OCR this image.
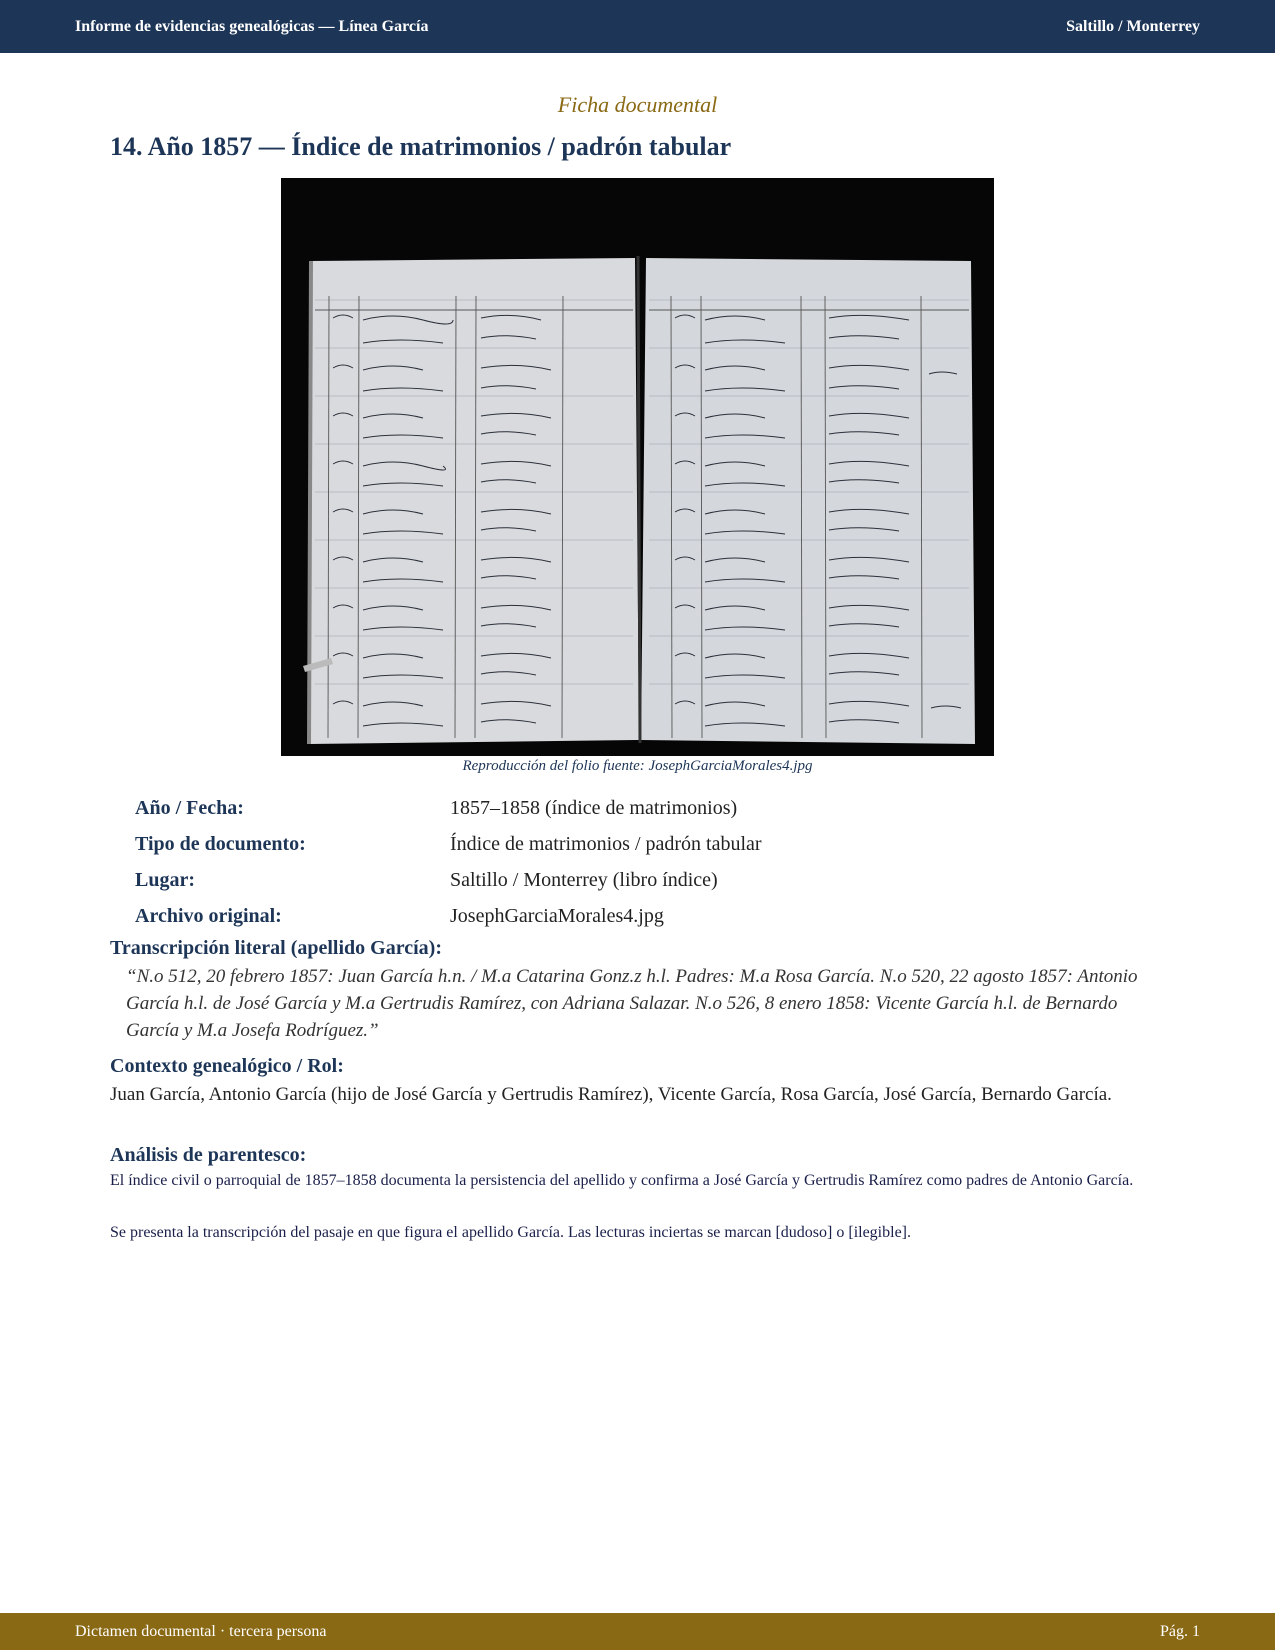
Informe de evidencias genealógicas — Línea García	Saltillo / Monterrey
Ficha documental
14. Año 1857 — Índice de matrimonios / padrón tabular
Reproducción del folio fuente: JosephGarciaMorales4.jpg
Año / Fecha:	1857–1858 (índice de matrimonios)
Tipo de documento:	Índice de matrimonios / padrón tabular
Lugar:	Saltillo / Monterrey (libro índice)
Archivo original:	JosephGarciaMorales4.jpg
Transcripción literal (apellido García):
“N.o 512, 20 febrero 1857: Juan García h.n. / M.a Catarina Gonz.z h.l. Padres: M.a Rosa García. N.o 520, 22 agosto 1857: Antonio García h.l. de José García y M.a Gertrudis Ramírez, con Adriana Salazar. N.o 526, 8 enero 1858: Vicente García h.l. de Bernardo García y M.a Josefa Rodríguez.”
Contexto genealógico / Rol:
Juan García, Antonio García (hijo de José García y Gertrudis Ramírez), Vicente García, Rosa García, José García, Bernardo García.
Análisis de parentesco:

El índice civil o parroquial de 1857–1858 documenta la persistencia del apellido y confirma a José García y Gertrudis Ramírez como padres de Antonio García.

Se presenta la transcripción del pasaje en que figura el apellido García. Las lecturas inciertas se marcan [dudoso] o [ilegible].

Dictamen documental · tercera persona	Pág. 1
